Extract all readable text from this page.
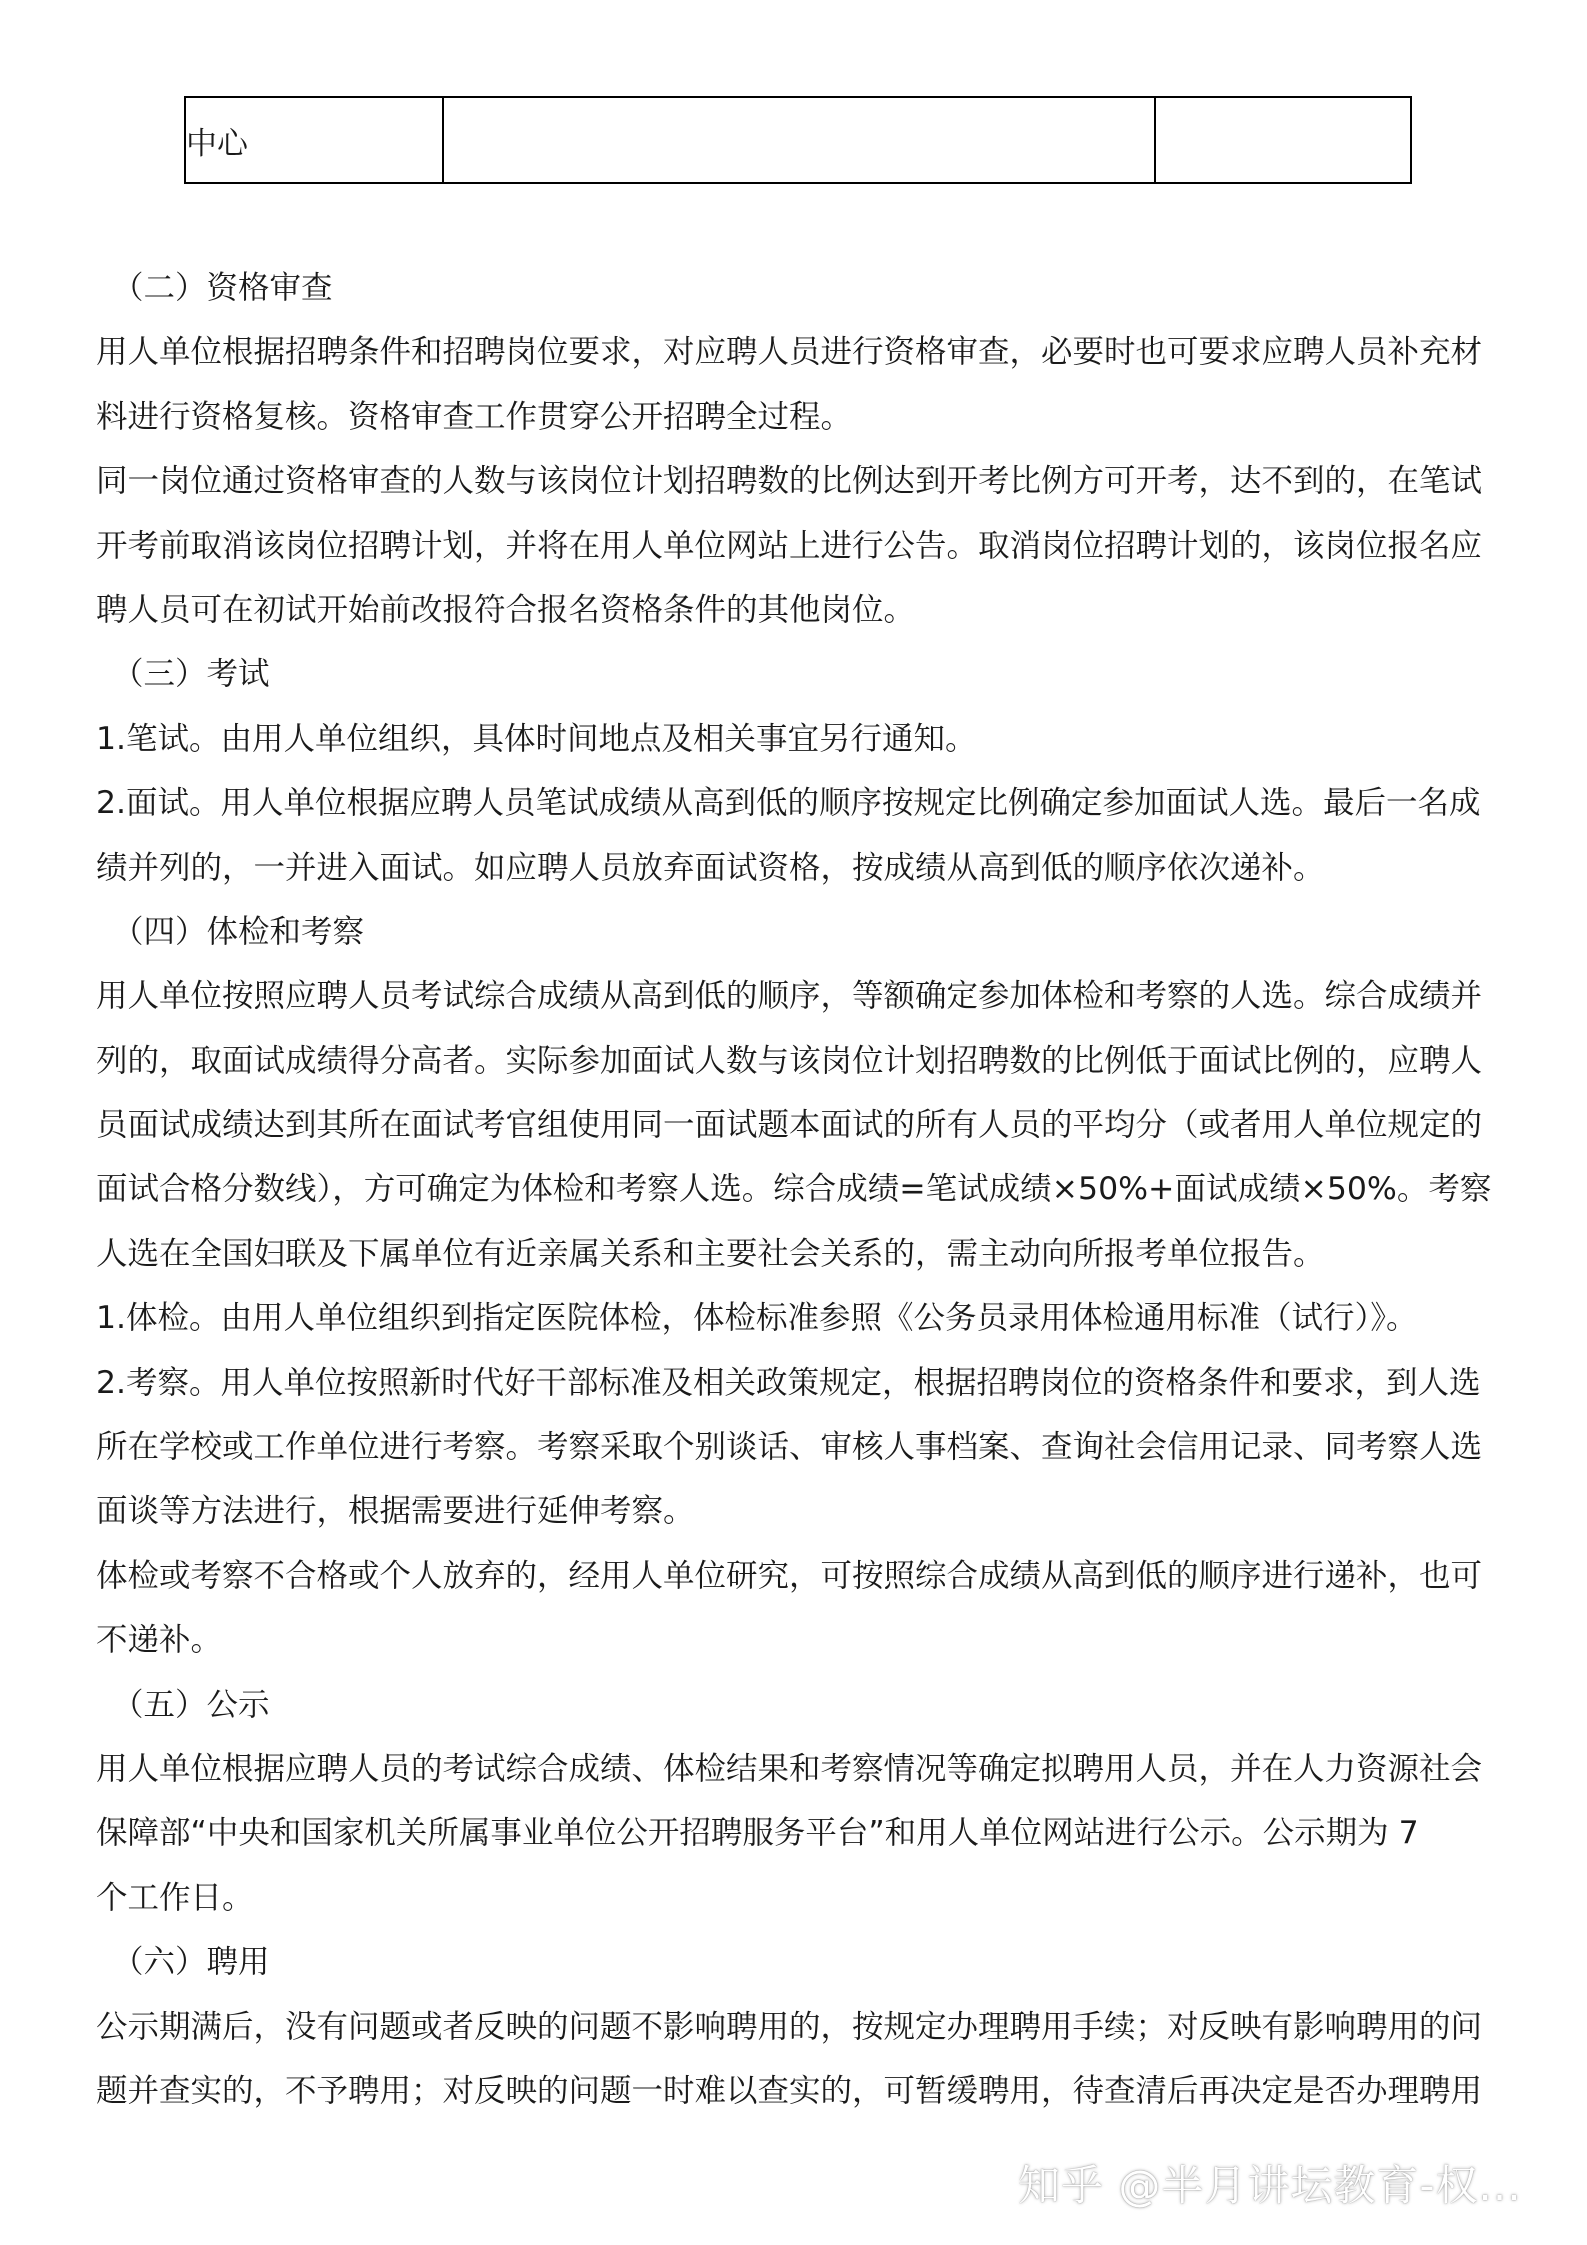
中心		
（二）资格审查
用人单位根据招聘条件和招聘岗位要求，对应聘人员进行资格审查，必要时也可要求应聘人员补充材
料进行资格复核。资格审查工作贯穿公开招聘全过程。
同一岗位通过资格审查的人数与该岗位计划招聘数的比例达到开考比例方可开考，达不到的，在笔试
开考前取消该岗位招聘计划，并将在用人单位网站上进行公告。取消岗位招聘计划的，该岗位报名应
聘人员可在初试开始前改报符合报名资格条件的其他岗位。
（三）考试
1.笔试。由用人单位组织，具体时间地点及相关事宜另行通知。
2.面试。用人单位根据应聘人员笔试成绩从高到低的顺序按规定比例确定参加面试人选。最后一名成
绩并列的，一并进入面试。如应聘人员放弃面试资格，按成绩从高到低的顺序依次递补。
（四）体检和考察
用人单位按照应聘人员考试综合成绩从高到低的顺序，等额确定参加体检和考察的人选。综合成绩并
列的，取面试成绩得分高者。实际参加面试人数与该岗位计划招聘数的比例低于面试比例的，应聘人
员面试成绩达到其所在面试考官组使用同一面试题本面试的所有人员的平均分（或者用人单位规定的
面试合格分数线），方可确定为体检和考察人选。综合成绩=笔试成绩×50%+面试成绩×50%。考察
人选在全国妇联及下属单位有近亲属关系和主要社会关系的，需主动向所报考单位报告。
1.体检。由用人单位组织到指定医院体检，体检标准参照《公务员录用体检通用标准（试行）》。
2.考察。用人单位按照新时代好干部标准及相关政策规定，根据招聘岗位的资格条件和要求，到人选
所在学校或工作单位进行考察。考察采取个别谈话、审核人事档案、查询社会信用记录、同考察人选
面谈等方法进行，根据需要进行延伸考察。
体检或考察不合格或个人放弃的，经用人单位研究，可按照综合成绩从高到低的顺序进行递补，也可
不递补。
（五）公示
用人单位根据应聘人员的考试综合成绩、体检结果和考察情况等确定拟聘用人员，并在人力资源社会
保障部“中央和国家机关所属事业单位公开招聘服务平台”和用人单位网站进行公示。公示期为 7
个工作日。
（六）聘用
公示期满后，没有问题或者反映的问题不影响聘用的，按规定办理聘用手续；对反映有影响聘用的问
题并查实的，不予聘用；对反映的问题一时难以查实的，可暂缓聘用，待查清后再决定是否办理聘用
知乎 @半月讲坛教育-权...
